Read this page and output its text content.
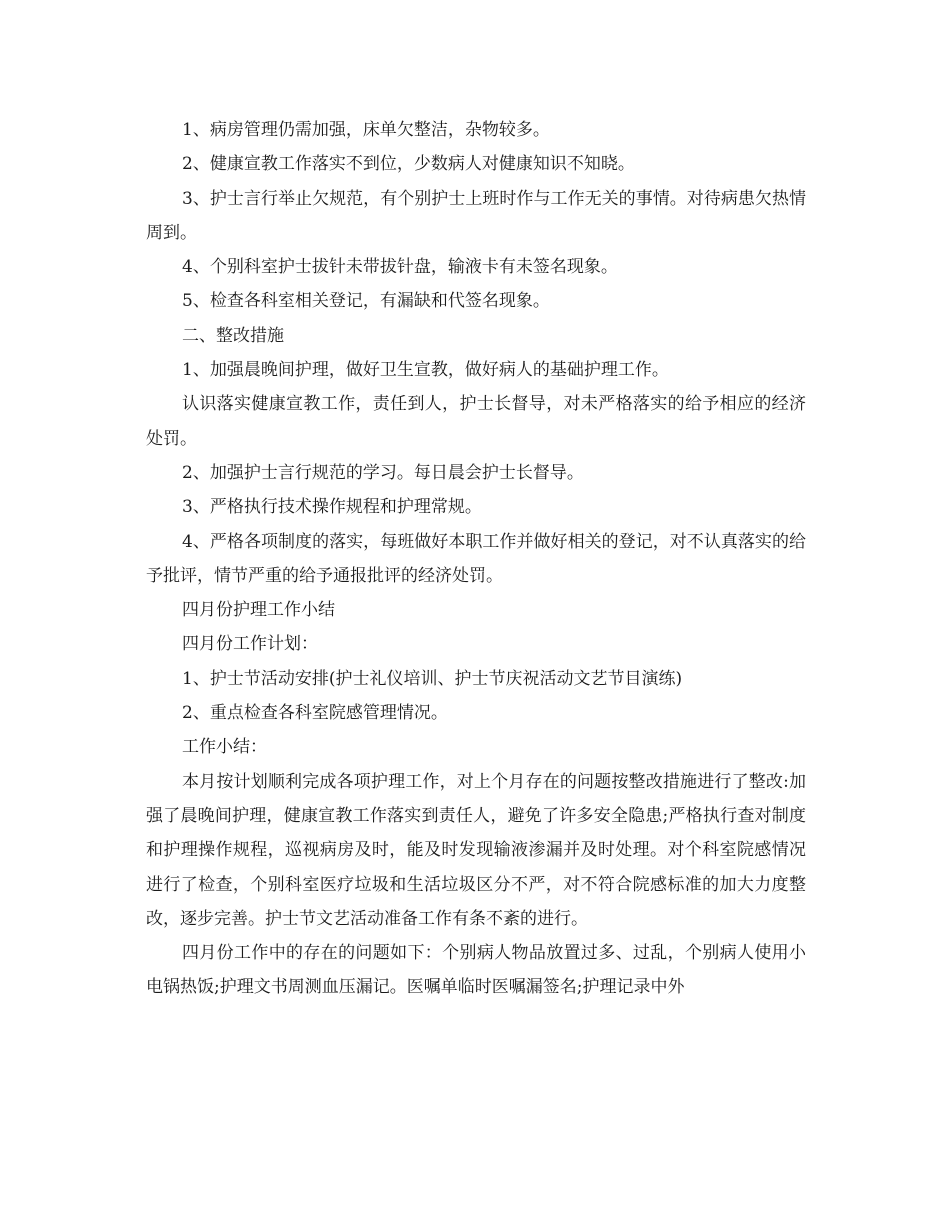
1、病房管理仍需加强，床单欠整洁，杂物较多。

2、健康宣教工作落实不到位，少数病人对健康知识不知晓。

3、护士言行举止欠规范，有个别护士上班时作与工作无关的事情。对待病患欠热情周到。

4、个别科室护士拔针未带拔针盘，输液卡有未签名现象。

5、检查各科室相关登记，有漏缺和代签名现象。

二、整改措施

1、加强晨晚间护理，做好卫生宣教，做好病人的基础护理工作。

认识落实健康宣教工作，责任到人，护士长督导，对未严格落实的给予相应的经济处罚。

2、加强护士言行规范的学习。每日晨会护士长督导。

3、严格执行技术操作规程和护理常规。

4、严格各项制度的落实，每班做好本职工作并做好相关的登记，对不认真落实的给予批评，情节严重的给予通报批评的经济处罚。

四月份护理工作小结

四月份工作计划：

1、护士节活动安排(护士礼仪培训、护士节庆祝活动文艺节目演练)

2、重点检查各科室院感管理情况。

工作小结：

本月按计划顺利完成各项护理工作，对上个月存在的问题按整改措施进行了整改:加强了晨晚间护理，健康宣教工作落实到责任人，避免了许多安全隐患;严格执行查对制度和护理操作规程，巡视病房及时，能及时发现输液渗漏并及时处理。对个科室院感情况进行了检查，个别科室医疗垃圾和生活垃圾区分不严，对不符合院感标准的加大力度整改，逐步完善。护士节文艺活动准备工作有条不紊的进行。

四月份工作中的存在的问题如下：个别病人物品放置过多、过乱，个别病人使用小电锅热饭;护理文书周测血压漏记。医嘱单临时医嘱漏签名;护理记录中外
